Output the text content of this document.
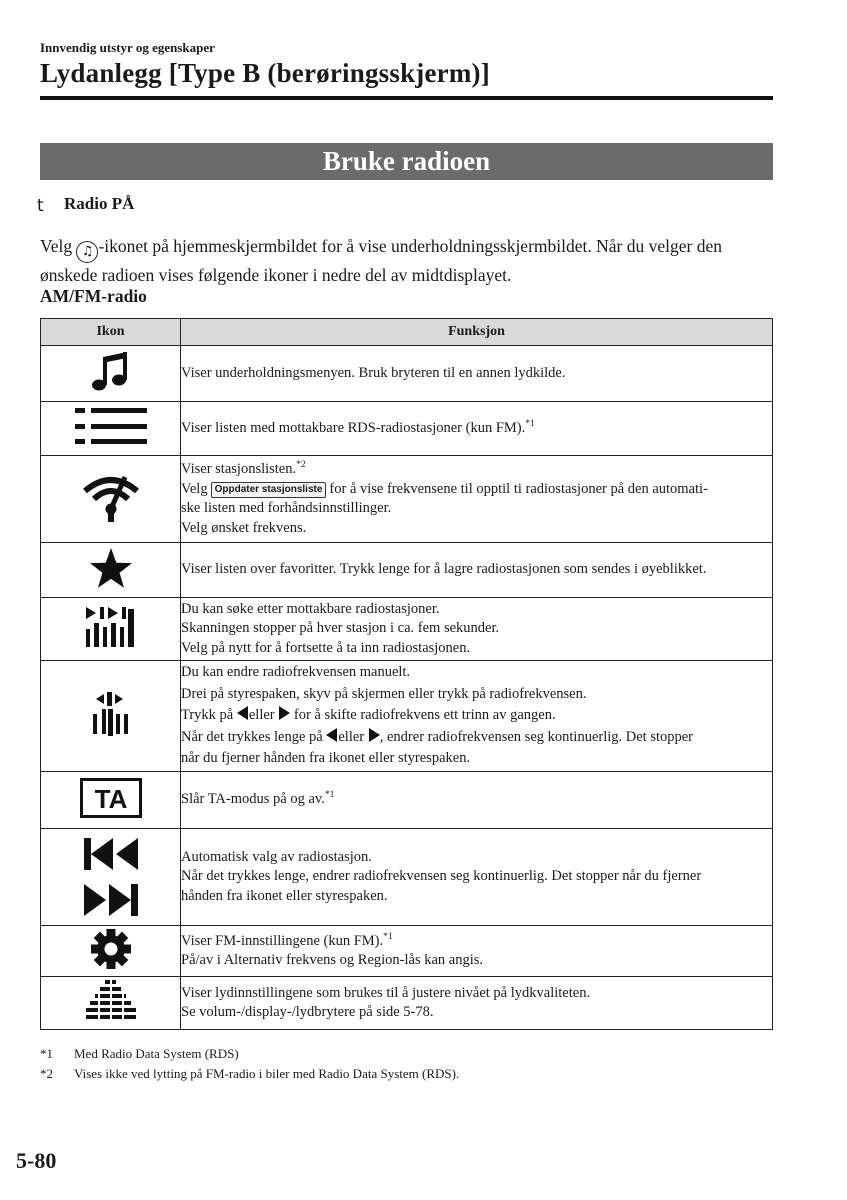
Innvendig utstyr og egenskaper
Lydanlegg [Type B (berøringsskjerm)]
Bruke radioen
t Radio PÅ
Velg ♫ -ikonet på hjemmeskjermbildet for å vise underholdningsskjermbildet. Når du velger den ønskede radioen vises følgende ikoner i nedre del av midtdisplayet.
AM/FM-radio
Ikon	Funksjon

Viser underholdningsmenyen. Bruk bryteren til en annen lydkilde.

	Viser listen med mottakbare RDS-radiostasjoner (kun FM).$^{*1}$

Viser stasjonslisten.$^{*2}$
Velg Oppdater stasjonsliste for å vise frekvensene til opptil ti radiostasjoner på den automati-
ske listen med forhåndsinnstillinger.
Velg ønsket frekvens.

Viser listen over favoritter. Trykk lenge for å lagre radiostasjonen som sendes i øyeblikket.

Du kan søke etter mottakbare radiostasjoner.
Skanningen stopper på hver stasjon i ca. fem sekunder.
Velg på nytt for å fortsette å ta inn radiostasjonen.

Du kan endre radiofrekvensen manuelt.
Drei på styrespaken, skyv på skjermen eller trykk på radiofrekvensen.
Trykk på eller for å skifte radiofrekvens ett trinn av gangen.
Når det trykkes lenge på eller , endrer radiofrekvensen seg kontinuerlig. Det stopper
når du fjerner hånden fra ikonet eller styrespaken.

TA	Slår TA-modus på og av.$^{*1}$

Automatisk valg av radiostasjon.
Når det trykkes lenge, endrer radiofrekvensen seg kontinuerlig. Det stopper når du fjerner
hånden fra ikonet eller styrespaken.

Viser FM-innstillingene (kun FM).$^{*1}$
På/av i Alternativ frekvens og Region-lås kan angis.

Viser lydinnstillingene som brukes til å justere nivået på lydkvaliteten.
Se volum-/display-/lydbrytere på side 5-78.
*1 Med Radio Data System (RDS)
*2 Vises ikke ved lytting på FM-radio i biler med Radio Data System (RDS).
5-80
